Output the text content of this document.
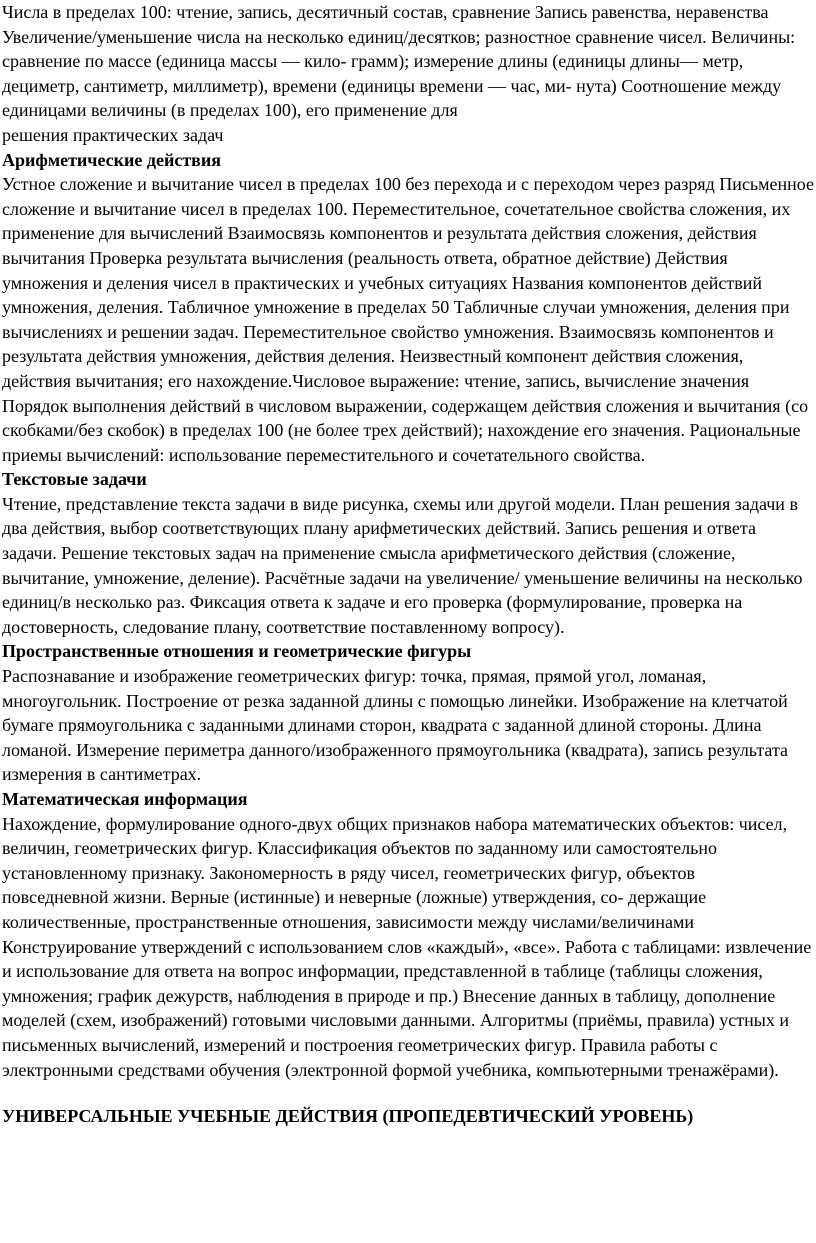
Числа в пределах 100: чтение, запись, десятичный состав, сравнение Запись равенства, неравенства Увеличение/уменьшение числа на несколько единиц/десятков; разностное сравнение чисел. Величины: сравнение по массе (единица массы — кило- грамм); измерение длины (единицы длины— метр, дециметр, сантиметр, миллиметр), времени (единицы времени — час, ми- нута) Соотношение между единицами величины (в пределах 100), его применение для

решения практических задач

Арифметические действия

Устное сложение и вычитание чисел в пределах 100 без перехода и с переходом через разряд Письменное сложение и вычитание чисел в пределах 100. Переместительное, сочетательное свойства сложения, их применение для вычислений Взаимосвязь компонентов и результата действия сложения, действия вычитания Проверка результата вычисления (реальность ответа, обратное действие) Действия умножения и деления чисел в практических и учебных ситуациях Названия компонентов действий умножения, деления. Табличное умножение в пределах 50 Табличные случаи умножения, деления при вычислениях и решении задач. Переместительное свойство умножения. Взаимосвязь компонентов и результата действия умножения, действия деления. Неизвестный компонент действия сложения, действия вычитания; его нахождение.Числовое выражение: чтение, запись, вычисление значения Порядок выполнения действий в числовом выражении, содержащем действия сложения и вычитания (со скобками/без скобок) в пределах 100 (не более трех действий); нахождение его значения. Рациональные приемы вычислений: использование переместительного и сочетательного свойства.

Текстовые задачи

Чтение, представление текста задачи в виде рисунка, схемы или другой модели. План решения задачи в два действия, выбор соответствующих плану арифметических действий. Запись решения и ответа задачи. Решение текстовых задач на применение смысла арифметического действия (сложение, вычитание, умножение, деление). Расчётные задачи на увеличение/ уменьшение величины на несколько единиц/в несколько раз. Фиксация ответа к задаче и его проверка (формулирование, проверка на достоверность, следование плану, соответствие поставленному вопросу).

Пространственные отношения и геометрические фигуры

Распознавание и изображение геометрических фигур: точка, прямая, прямой угол, ломаная, многоугольник. Построение от резка заданной длины с помощью линейки. Изображение на клетчатой бумаге прямоугольника с заданными длинами сторон, квадрата с заданной длиной стороны. Длина ломаной. Измерение периметра данного/изображенного прямоугольника (квадрата), запись результата измерения в сантиметрах.

Математическая информация

Нахождение, формулирование одного-двух общих признаков набора математических объектов: чисел, величин, геометрических фигур. Классификация объектов по заданному или самостоятельно установленному признаку. Закономерность в ряду чисел, геометрических фигур, объектов

повседневной жизни. Верные (истинные) и неверные (ложные) утверждения, со- держащие количественные, пространственные отношения, зависимости между числами/величинами Конструирование утверждений с использованием слов «каждый», «все». Работа с таблицами: извлечение и использование для ответа на вопрос информации, представленной в таблице (таблицы сложения, умножения; график дежурств, наблюдения в природе и пр.) Внесение данных в таблицу, дополнение моделей (схем, изображений) готовыми числовыми данными. Алгоритмы (приёмы, правила) устных и письменных вычислений, измерений и построения геометрических фигур. Правила работы с электронными средствами обучения (электронной формой учебника, компьютерными тренажёрами).

УНИВЕРСАЛЬНЫЕ УЧЕБНЫЕ ДЕЙСТВИЯ (ПРОПЕДЕВТИЧЕСКИЙ УРОВЕНЬ)
